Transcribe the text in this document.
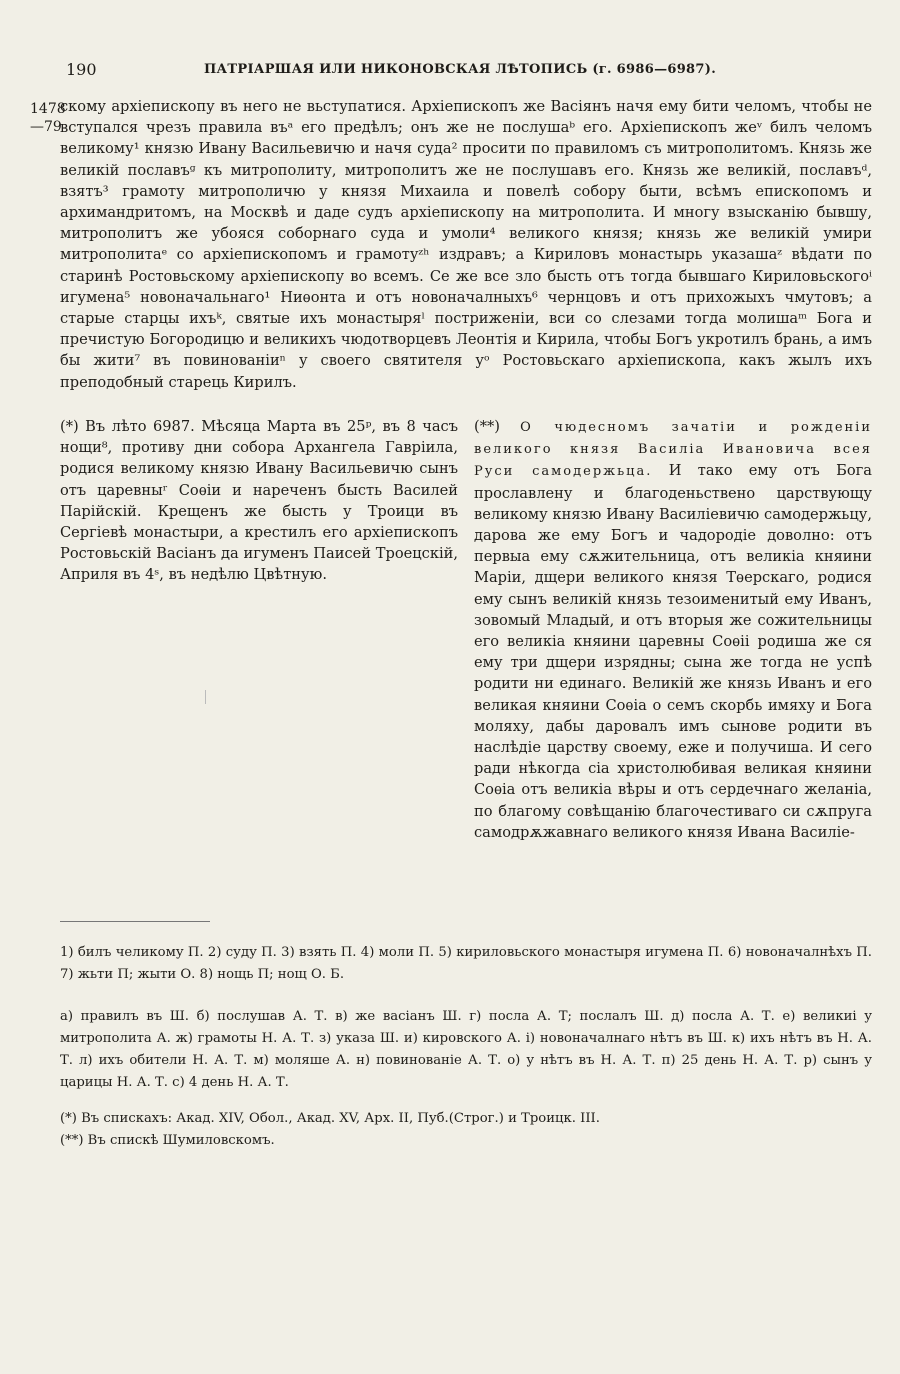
190	ПАТРІАРШАЯ ИЛИ НИКОНОВСКАЯ ЛѢТОПИСЬ (г. 6986—6987).
1478
—79
скому архіепископу въ него не вьступатися. Архіепископъ же Васіянъ начя ему бити челомъ, чтобы не вступался чрезъ правила въᵃ его предѣлъ; онъ же не послушаᵇ его. Архіепископъ жеᵛ билъ челомъ великому¹ князю Ивану Васильевичю и начя суда² просити по правиломъ съ митрополитомъ. Князь же великій пославъᵍ къ митрополиту, митрополитъ же не послушавъ его. Князь же великій, пославъᵈ, взятъ³ грамоту митрополичю у князя Михаила и повелѣ собору быти, всѣмъ епископомъ и архимандритомъ, на Москвѣ и даде судъ архіепископу на митрополита. И многу взысканію бывшу, митрополитъ же убояся соборнаго суда и умоли⁴ великого князя; князь же великій умири митрополитаᵉ со архіепископомъ и грамотуᶻʰ издравъ; а Кириловъ монастырь указашаᶻ вѣдати по старинѣ Ростовьскому архіепископу во всемъ. Се же все зло бысть отъ тогда бывшаго Кириловьскогоⁱ игумена⁵ новоначальнаго¹ Ниѳонта и отъ новоначалныхъ⁶ чернцовъ и отъ прихожыхъ чмутовъ; а старые старцы ихъᵏ, святые ихъ монастыряˡ постриженіи, вси со слезами тогда молишаᵐ Бога и пречистую Богородицю и великихъ чюдотворцевъ Леонтія и Кирила, чтобы Богъ укротилъ брань, а имъ бы жити⁷ въ повиновaніиⁿ у своего святителя уᵒ Ростовьскаго архіепископа, какъ жылъ ихъ преподобный старець Кирилъ.
(*) Въ лѣто 6987. Мѣсяца Марта въ 25ᵖ, въ 8 часъ нощи⁸, противу дни собора Архангела Гавріила, родися великому князю Ивану Васильевичю сынъ отъ царевныʳ Соѳіи и нареченъ бысть Василей Парійскій. Крещенъ же бысть у Троици въ Сергіевѣ монастыри, а крестилъ его архіепископъ Ростовьскій Васіанъ да игуменъ Паисей Троецскій, Априля въ 4ˢ, въ недѣлю Цвѣтную.
(**) О чюдесномъ зачатіи и рожденіи великого князя Василіа Ивановича всея Руси самодержьца. И тако ему отъ Бога прославлену и благоденьствено царствующу великому князю Ивану Василіевичю самодержьцу, дарова же ему Богъ и чадородіе доволно: отъ первыа ему сѫжительница, отъ великіа княини Маріи, дщери великого князя Тѳерскаго, родися ему сынъ великій князь тезоименитый ему Иванъ, зовомый Младый, и отъ вторыя же сожительницы его великіа княини царевны Соѳіі родиша же ся ему три дщери изрядны; сына же тогда не успѣ родити ни единаго. Великій же князь Иванъ и его великая княини Соѳіа о семъ скорбь имяху и Бога моляху, дабы даровалъ имъ сынове родити въ наслѣдіе царству своему, еже и получиша. И сего ради нѣкогда сіа христолюбивая великая княини Соѳіа отъ великіа вѣры и отъ сердечнаго желаніа, по благому совѣщанію благочестиваго си сѫпруга самодрѫжавнаго великого князя Ивана Василіе-
1) билъ челикому П. 2) суду П. 3) взять П. 4) моли П. 5) кириловьского монастыря игумена П. 6) новоначалнѣхъ П. 7) жьти П; жыти О. 8) нощь П; нощ О. Б.
а) правилъ въ Ш. б) послушав А. Т. в) же васіанъ Ш. г) посла А. Т; послалъ Ш. д) посла А. Т. е) великиі у митрополита А. ж) грамоты Н. А. Т. з) указа Ш. и) кировского А. і) новоначалнаго нѣтъ въ Ш. к) ихъ нѣтъ въ Н. А. Т. л) ихъ обители Н. А. Т. м) моляше А. н) повинованіе А. Т. о) у нѣтъ въ Н. А. Т. п) 25 день Н. А. Т. р) сынъ у царицы Н. А. Т. с) 4 день Н. А. Т.
(*) Въ спискахъ: Акад. XIV, Обол., Акад. XV, Арх. II, Пуб.(Строг.) и Троицк. III.
(**) Въ спискѣ Шумиловскомъ.
